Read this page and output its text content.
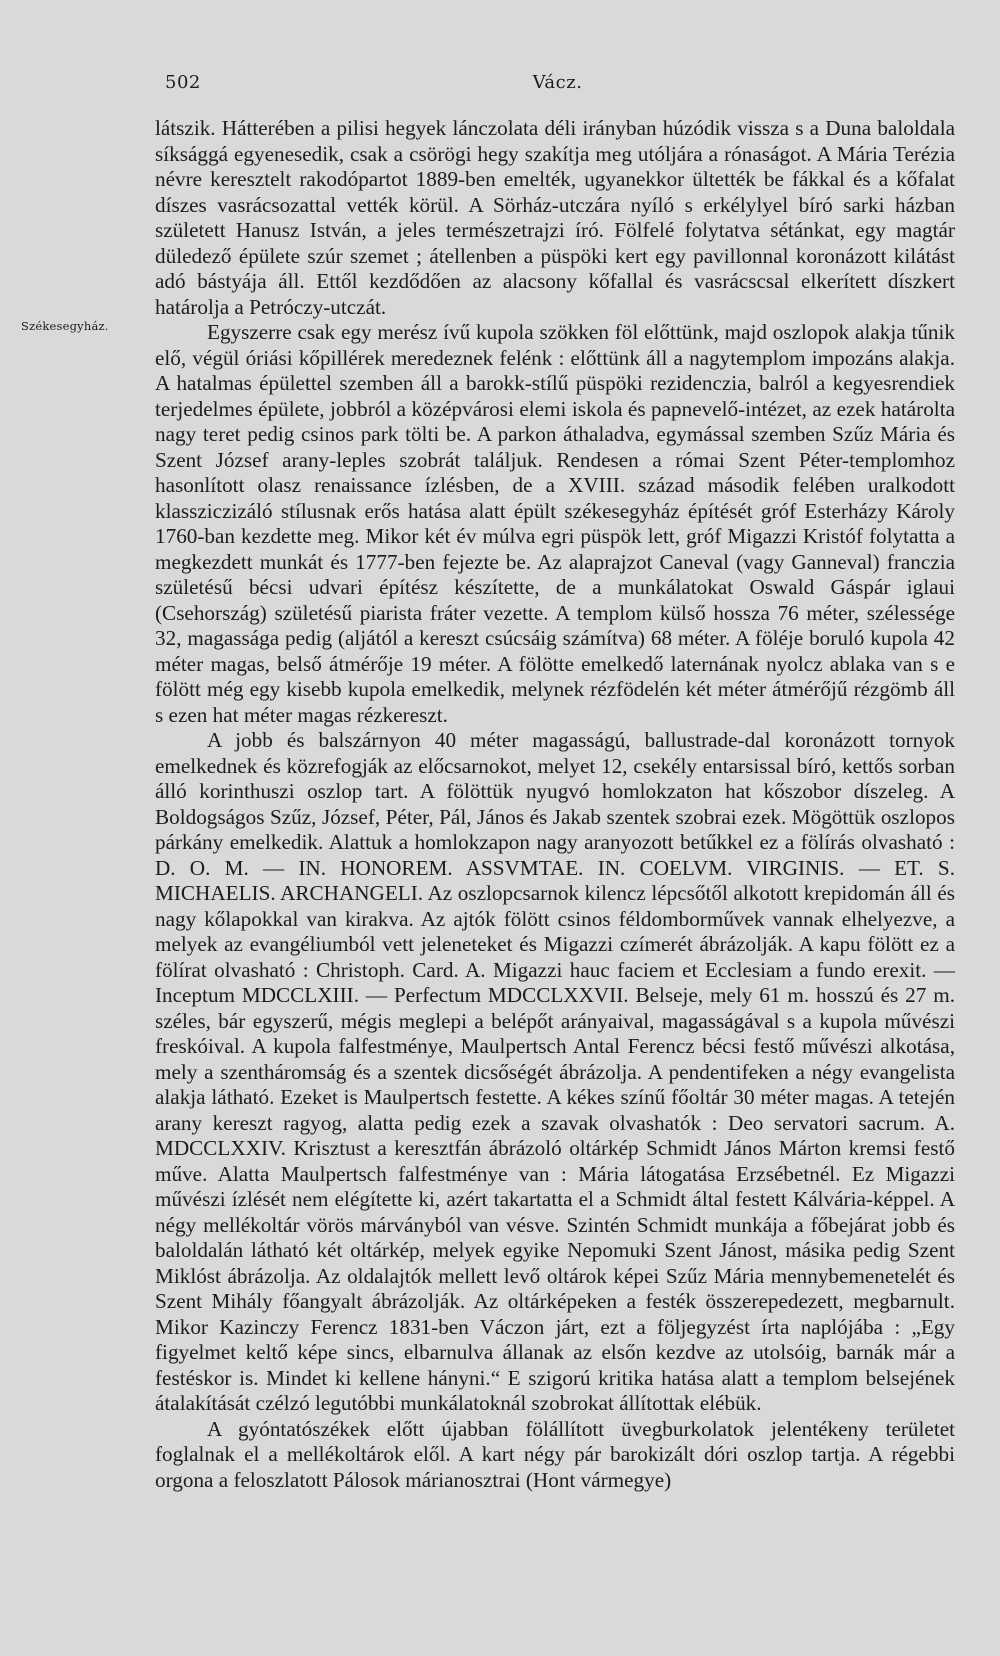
502	Vácz.
Székesegyház.

látszik. Hátterében a pilisi hegyek lánczolata déli irányban húzódik vissza s a Duna baloldala síksággá egyenesedik, csak a csörögi hegy szakítja meg utóljára a rónaságot. A Mária Terézia névre keresztelt rakodópartot 1889-ben emelték, ugyanekkor ültették be fákkal és a kőfalat díszes vasrácsozattal vették körül. A Sörház-utczára nyíló s erkélylyel bíró sarki házban született Hanusz István, a jeles természetrajzi író. Fölfelé folytatva sétánkat, egy magtár düledező épülete szúr szemet ; átellenben a püspöki kert egy pavillonnal koronázott kilátást adó bástyája áll. Ettől kezdődően az alacsony kőfallal és vasrácscsal elkerített díszkert határolja a Petróczy-utczát.

Egyszerre csak egy merész ívű kupola szökken föl előttünk, majd oszlopok alakja tűnik elő, végül óriási kőpillérek meredeznek felénk : előttünk áll a nagytemplom impozáns alakja. A hatalmas épülettel szemben áll a barokk-stílű püspöki rezidenczia, balról a kegyesrendiek terjedelmes épülete, jobbról a középvárosi elemi iskola és papnevelő-intézet, az ezek határolta nagy teret pedig csinos park tölti be. A parkon áthaladva, egymással szemben Szűz Mária és Szent József arany-leples szobrát találjuk. Rendesen a római Szent Péter-templomhoz hasonlított olasz renaissance ízlésben, de a XVIII. század második felében uralkodott klassziczizáló stílusnak erős hatása alatt épült székesegyház építését gróf Esterházy Károly 1760-ban kezdette meg. Mikor két év múlva egri püspök lett, gróf Migazzi Kristóf folytatta a megkezdett munkát és 1777-ben fejezte be. Az alaprajzot Caneval (vagy Ganneval) franczia születésű bécsi udvari építész készítette, de a munkálatokat Oswald Gáspár iglaui (Csehország) születésű piarista fráter vezette. A templom külső hossza 76 méter, szélessége 32, magassága pedig (aljától a kereszt csúcsáig számítva) 68 méter. A föléje boruló kupola 42 méter magas, belső átmérője 19 méter. A fölötte emelkedő laternának nyolcz ablaka van s e fölött még egy kisebb kupola emelkedik, melynek rézfödelén két méter átmérőjű rézgömb áll s ezen hat méter magas rézkereszt.

A jobb és balszárnyon 40 méter magasságú, ballustrade-dal koronázott tornyok emelkednek és közrefogják az előcsarnokot, melyet 12, csekély entarsissal bíró, kettős sorban álló korinthuszi oszlop tart. A fölöttük nyugvó homlokzaton hat kőszobor díszeleg. A Boldogságos Szűz, József, Péter, Pál, János és Jakab szentek szobrai ezek. Mögöttük oszlopos párkány emelkedik. Alattuk a homlokzapon nagy aranyozott betűkkel ez a fölírás olvasható : D. O. M. — IN. HONOREM. ASSVMTAE. IN. COELVM. VIRGINIS. — ET. S. MICHAELIS. ARCHANGELI. Az oszlopcsarnok kilencz lépcsőtől alkotott krepidomán áll és nagy kőlapokkal van kirakva. Az ajtók fölött csinos féldomborművek vannak elhelyezve, a melyek az evangéliumból vett jeleneteket és Migazzi czímerét ábrázolják. A kapu fölött ez a fölírat olvasható : Christoph. Card. A. Migazzi hauc faciem et Ecclesiam a fundo erexit. — Inceptum MDCCLXIII. — Perfectum MDCCLXXVII. Belseje, mely 61 m. hosszú és 27 m. széles, bár egyszerű, mégis meglepi a belépőt arányaival, magasságával s a kupola művészi freskóival. A kupola falfestménye, Maulpertsch Antal Ferencz bécsi festő művészi alkotása, mely a szentháromság és a szentek dicsőségét ábrázolja. A pendentifeken a négy evangelista alakja látható. Ezeket is Maulpertsch festette. A kékes színű főoltár 30 méter magas. A tetején arany kereszt ragyog, alatta pedig ezek a szavak olvashatók : Deo servatori sacrum. A. MDCCLXXIV. Krisztust a keresztfán ábrázoló oltárkép Schmidt János Márton kremsi festő műve. Alatta Maulpertsch falfestménye van : Mária látogatása Erzsébetnél. Ez Migazzi művészi ízlését nem elégítette ki, azért takartatta el a Schmidt által festett Kálvária-képpel. A négy mellékoltár vörös márványból van vésve. Szintén Schmidt munkája a főbejárat jobb és baloldalán látható két oltárkép, melyek egyike Nepomuki Szent Jánost, másika pedig Szent Miklóst ábrázolja. Az oldalajtók mellett levő oltárok képei Szűz Mária mennybemenetelét és Szent Mihály főangyalt ábrázolják. Az oltárképeken a festék összerepedezett, megbarnult. Mikor Kazinczy Ferencz 1831-ben Váczon járt, ezt a följegyzést írta naplójába : „Egy figyelmet keltő képe sincs, elbarnulva állanak az elsőn kezdve az utolsóig, barnák már a festéskor is. Mindet ki kellene hányni.“ E szigorú kritika hatása alatt a templom belsejének átalakítását czélzó legutóbbi munkálatoknál szobrokat állítottak elébük.

A gyóntatószékek előtt újabban fölállított üvegburkolatok jelentékeny területet foglalnak el a mellékoltárok elől. A kart négy pár barokizált dóri oszlop tartja. A régebbi orgona a feloszlatott Pálosok márianosztrai (Hont vármegye)
